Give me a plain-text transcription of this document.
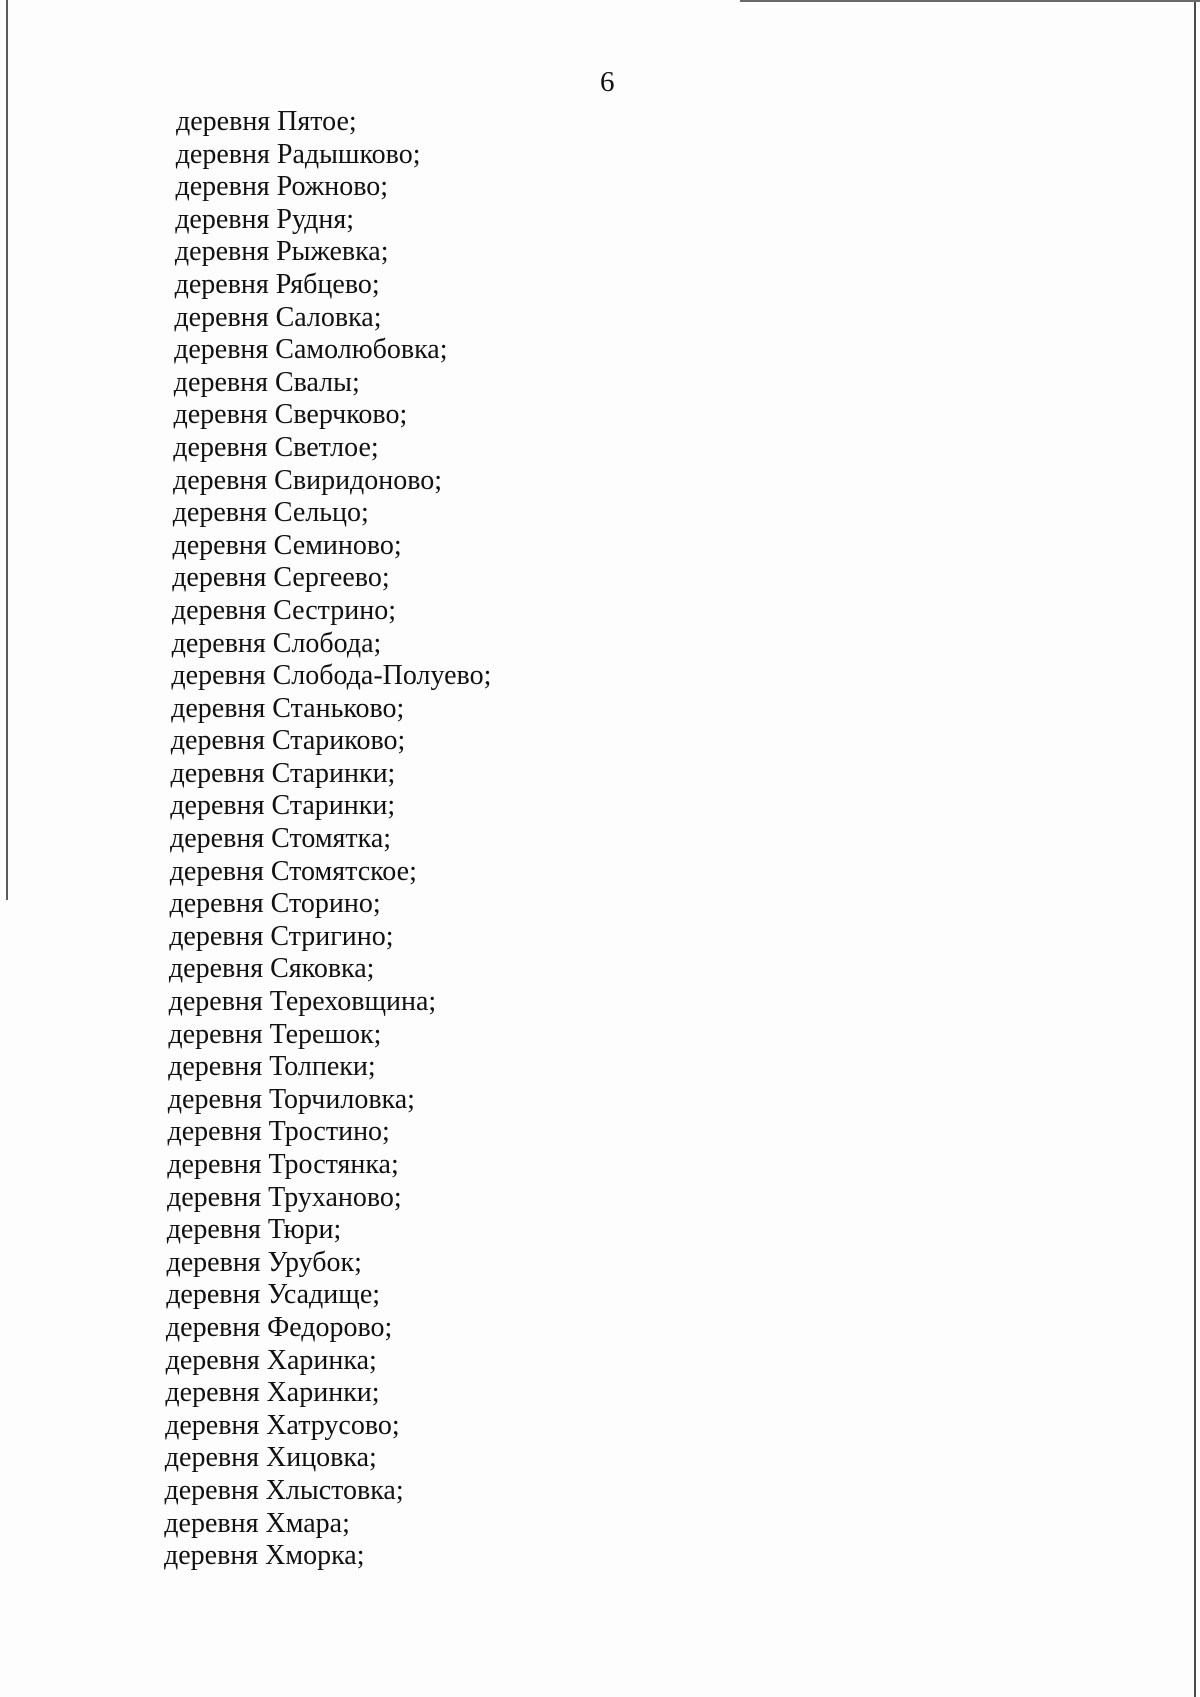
6
деревня Пятое;
деревня Радышково;
деревня Рожново;
деревня Рудня;
деревня Рыжевка;
деревня Рябцево;
деревня Саловка;
деревня Самолюбовка;
деревня Свалы;
деревня Сверчково;
деревня Светлое;
деревня Свиридоново;
деревня Сельцо;
деревня Семиново;
деревня Сергеево;
деревня Сестрино;
деревня Слобода;
деревня Слобода-Полуево;
деревня Станьково;
деревня Стариково;
деревня Старинки;
деревня Старинки;
деревня Стомятка;
деревня Стомятское;
деревня Сторино;
деревня Стригино;
деревня Сяковка;
деревня Тереховщина;
деревня Терешок;
деревня Толпеки;
деревня Торчиловка;
деревня Тростино;
деревня Тростянка;
деревня Труханово;
деревня Тюри;
деревня Урубок;
деревня Усадище;
деревня Федорово;
деревня Харинка;
деревня Харинки;
деревня Хатрусово;
деревня Хицовка;
деревня Хлыстовка;
деревня Хмара;
деревня Хморка;
